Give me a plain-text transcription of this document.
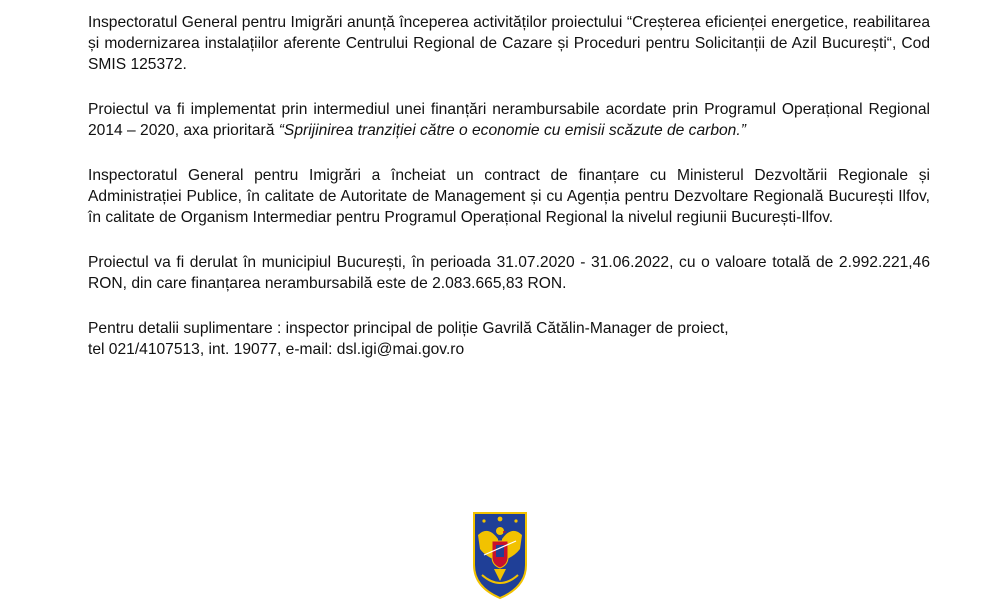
Inspectoratul General pentru Imigrări anunță începerea activităților proiectului “Creșterea eficienței energetice, reabilitarea și modernizarea instalațiilor aferente Centrului Regional de Cazare și Proceduri pentru Solicitanții de Azil București“, Cod SMIS 125372.

Proiectul va fi implementat prin intermediul unei finanțări nerambursabile acordate prin Programul Operațional Regional 2014 – 2020, axa prioritară “Sprijinirea tranziției către o economie cu emisii scăzute de carbon.”

Inspectoratul General pentru Imigrări a încheiat un contract de finanțare cu Ministerul Dezvoltării Regionale și Administrației Publice, în calitate de Autoritate de Management și cu Agenția pentru Dezvoltare Regională București Ilfov, în calitate de Organism Intermediar pentru Programul Operațional Regional la nivelul regiunii București-Ilfov.

Proiectul va fi derulat în municipiul București, în perioada 31.07.2020 - 31.06.2022, cu o valoare totală de 2.992.221,46 RON, din care finanțarea nerambursabilă este de 2.083.665,83 RON.

Pentru detalii suplimentare : inspector principal de poliție Gavrilă Cătălin-Manager de proiect,
tel 021/4107513, int. 19077, e-mail: dsl.igi@mai.gov.ro
